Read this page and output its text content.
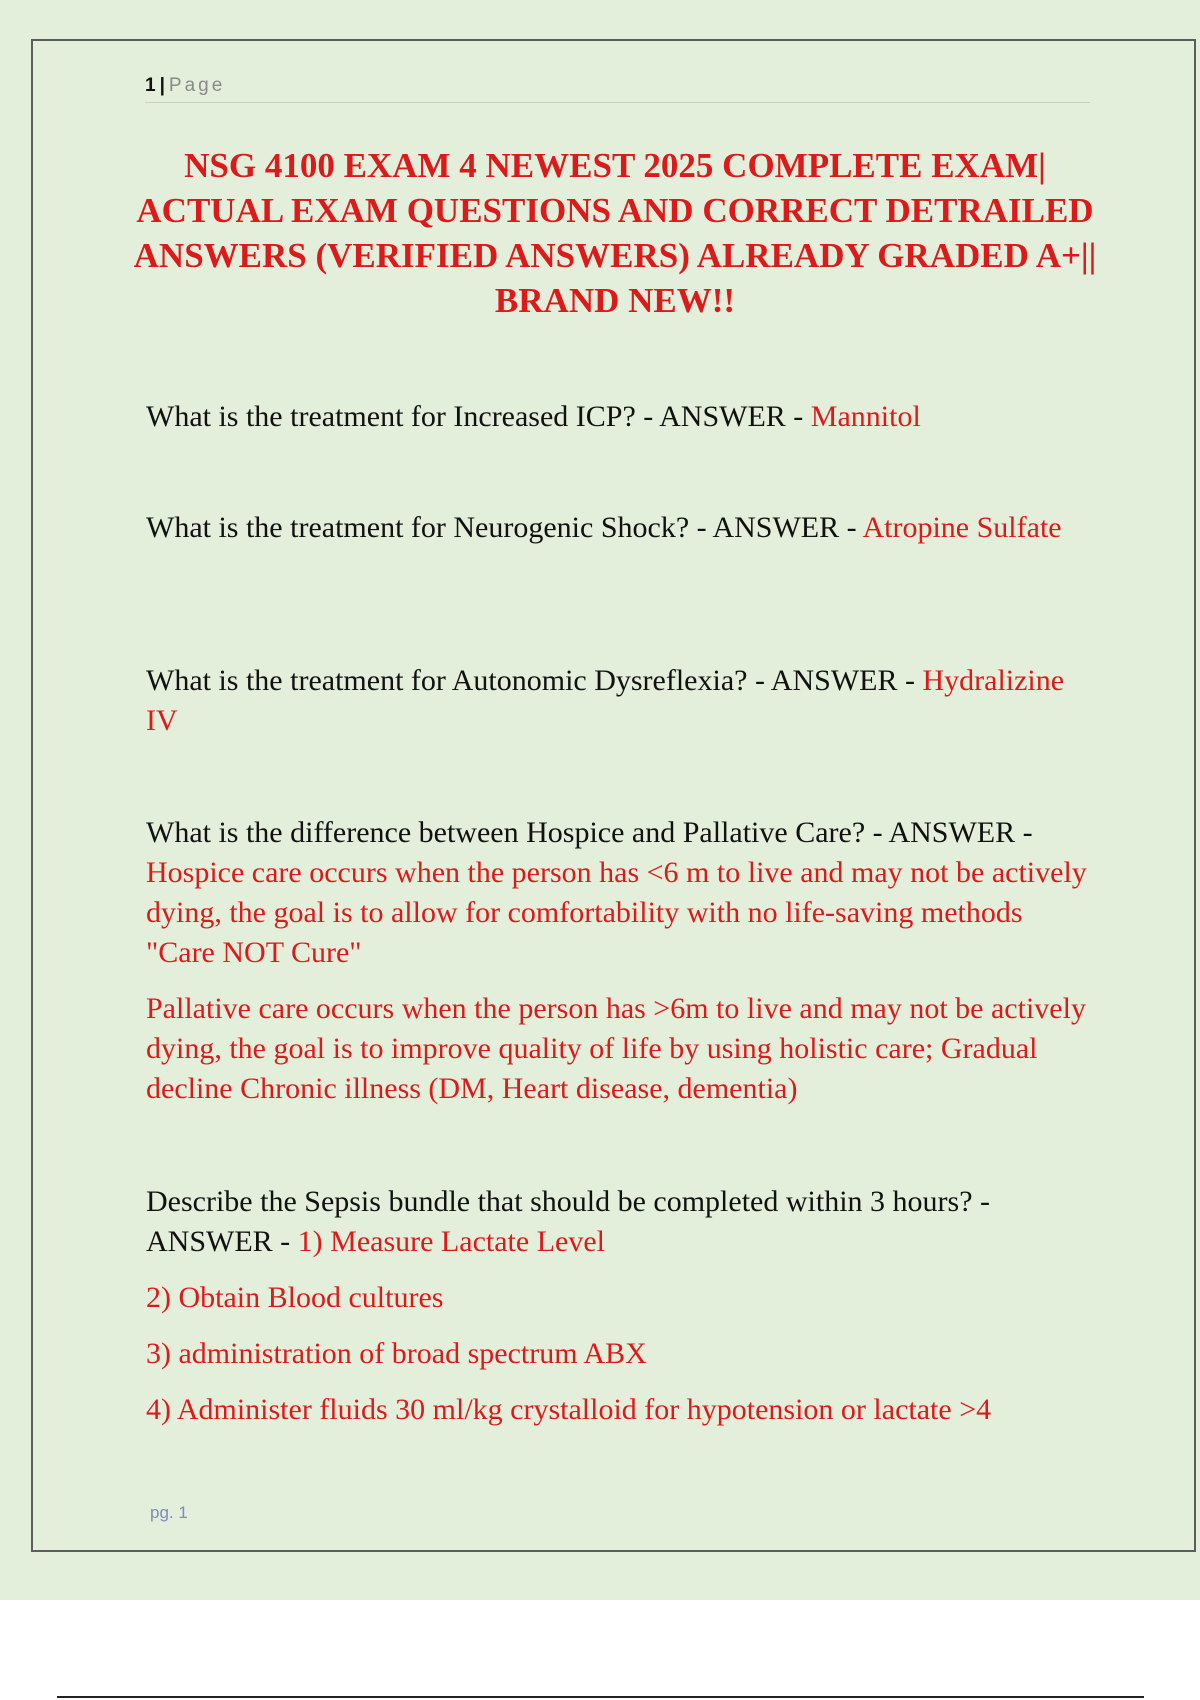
1 | Page
NSG 4100 EXAM 4 NEWEST 2025 COMPLETE EXAM| ACTUAL EXAM QUESTIONS AND CORRECT DETRAILED ANSWERS (VERIFIED ANSWERS) ALREADY GRADED A+|| BRAND NEW!!

What is the treatment for Increased ICP? - ANSWER - Mannitol

What is the treatment for Neurogenic Shock? - ANSWER - Atropine Sulfate

What is the treatment for Autonomic Dysreflexia? - ANSWER - Hydralizine IV

What is the difference between Hospice and Pallative Care? - ANSWER - Hospice care occurs when the person has <6 m to live and may not be actively dying, the goal is to allow for comfortability with no life-saving methods "Care NOT Cure"

Pallative care occurs when the person has >6m to live and may not be actively dying, the goal is to improve quality of life by using holistic care; Gradual decline Chronic illness (DM, Heart disease, dementia)

Describe the Sepsis bundle that should be completed within 3 hours? - ANSWER - 1) Measure Lactate Level

2) Obtain Blood cultures

3) administration of broad spectrum ABX

4) Administer fluids 30 ml/kg crystalloid for hypotension or lactate >4

pg. 1
